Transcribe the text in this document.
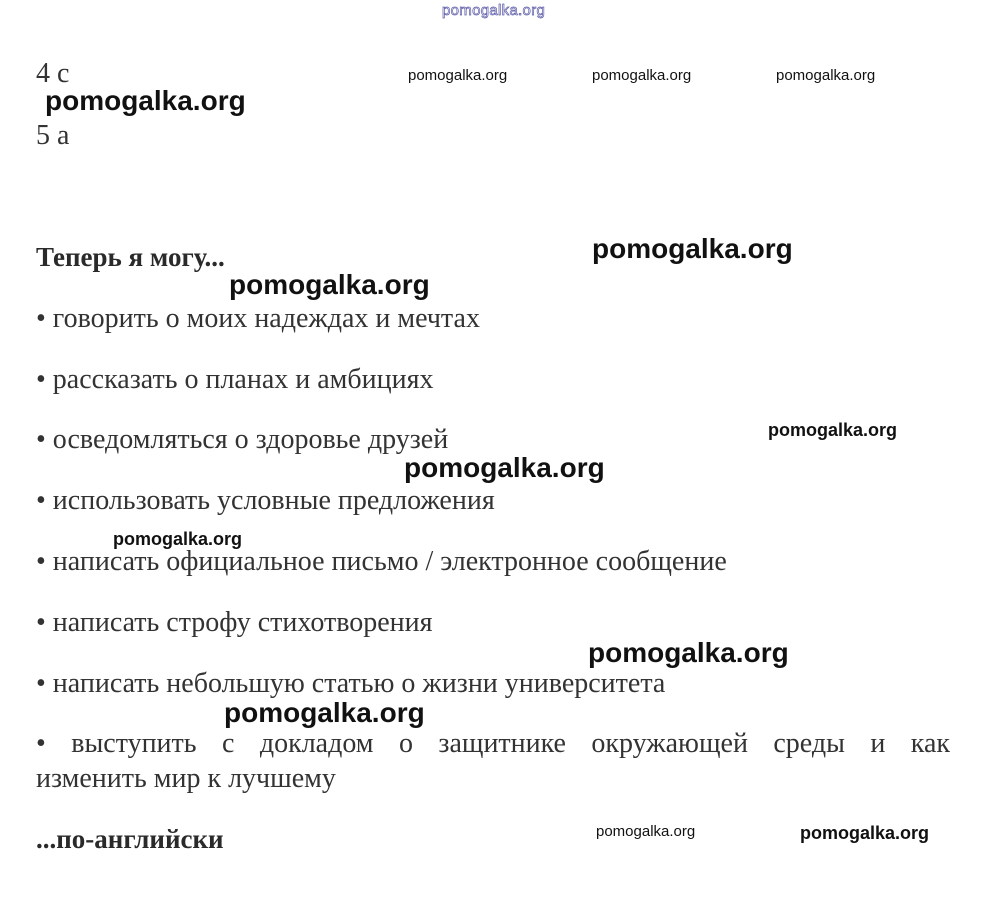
pomogalka.org
4 c
5 a
Теперь я могу...
• говорить о моих надеждах и мечтах
• рассказать о планах и амбициях
• осведомляться о здоровье друзей
• использовать условные предложения
• написать официальное письмо / электронное сообщение
• написать строфу стихотворения
• написать небольшую статью о жизни университета
• выступить с докладом о защитнике окружающей среды и как
изменить мир к лучшему
...по-английски
pomogalka.org	pomogalka.org	pomogalka.org
pomogalka.org
pomogalka.org
pomogalka.org
pomogalka.org
pomogalka.org
pomogalka.org
pomogalka.org
pomogalka.org
pomogalka.org	pomogalka.org
